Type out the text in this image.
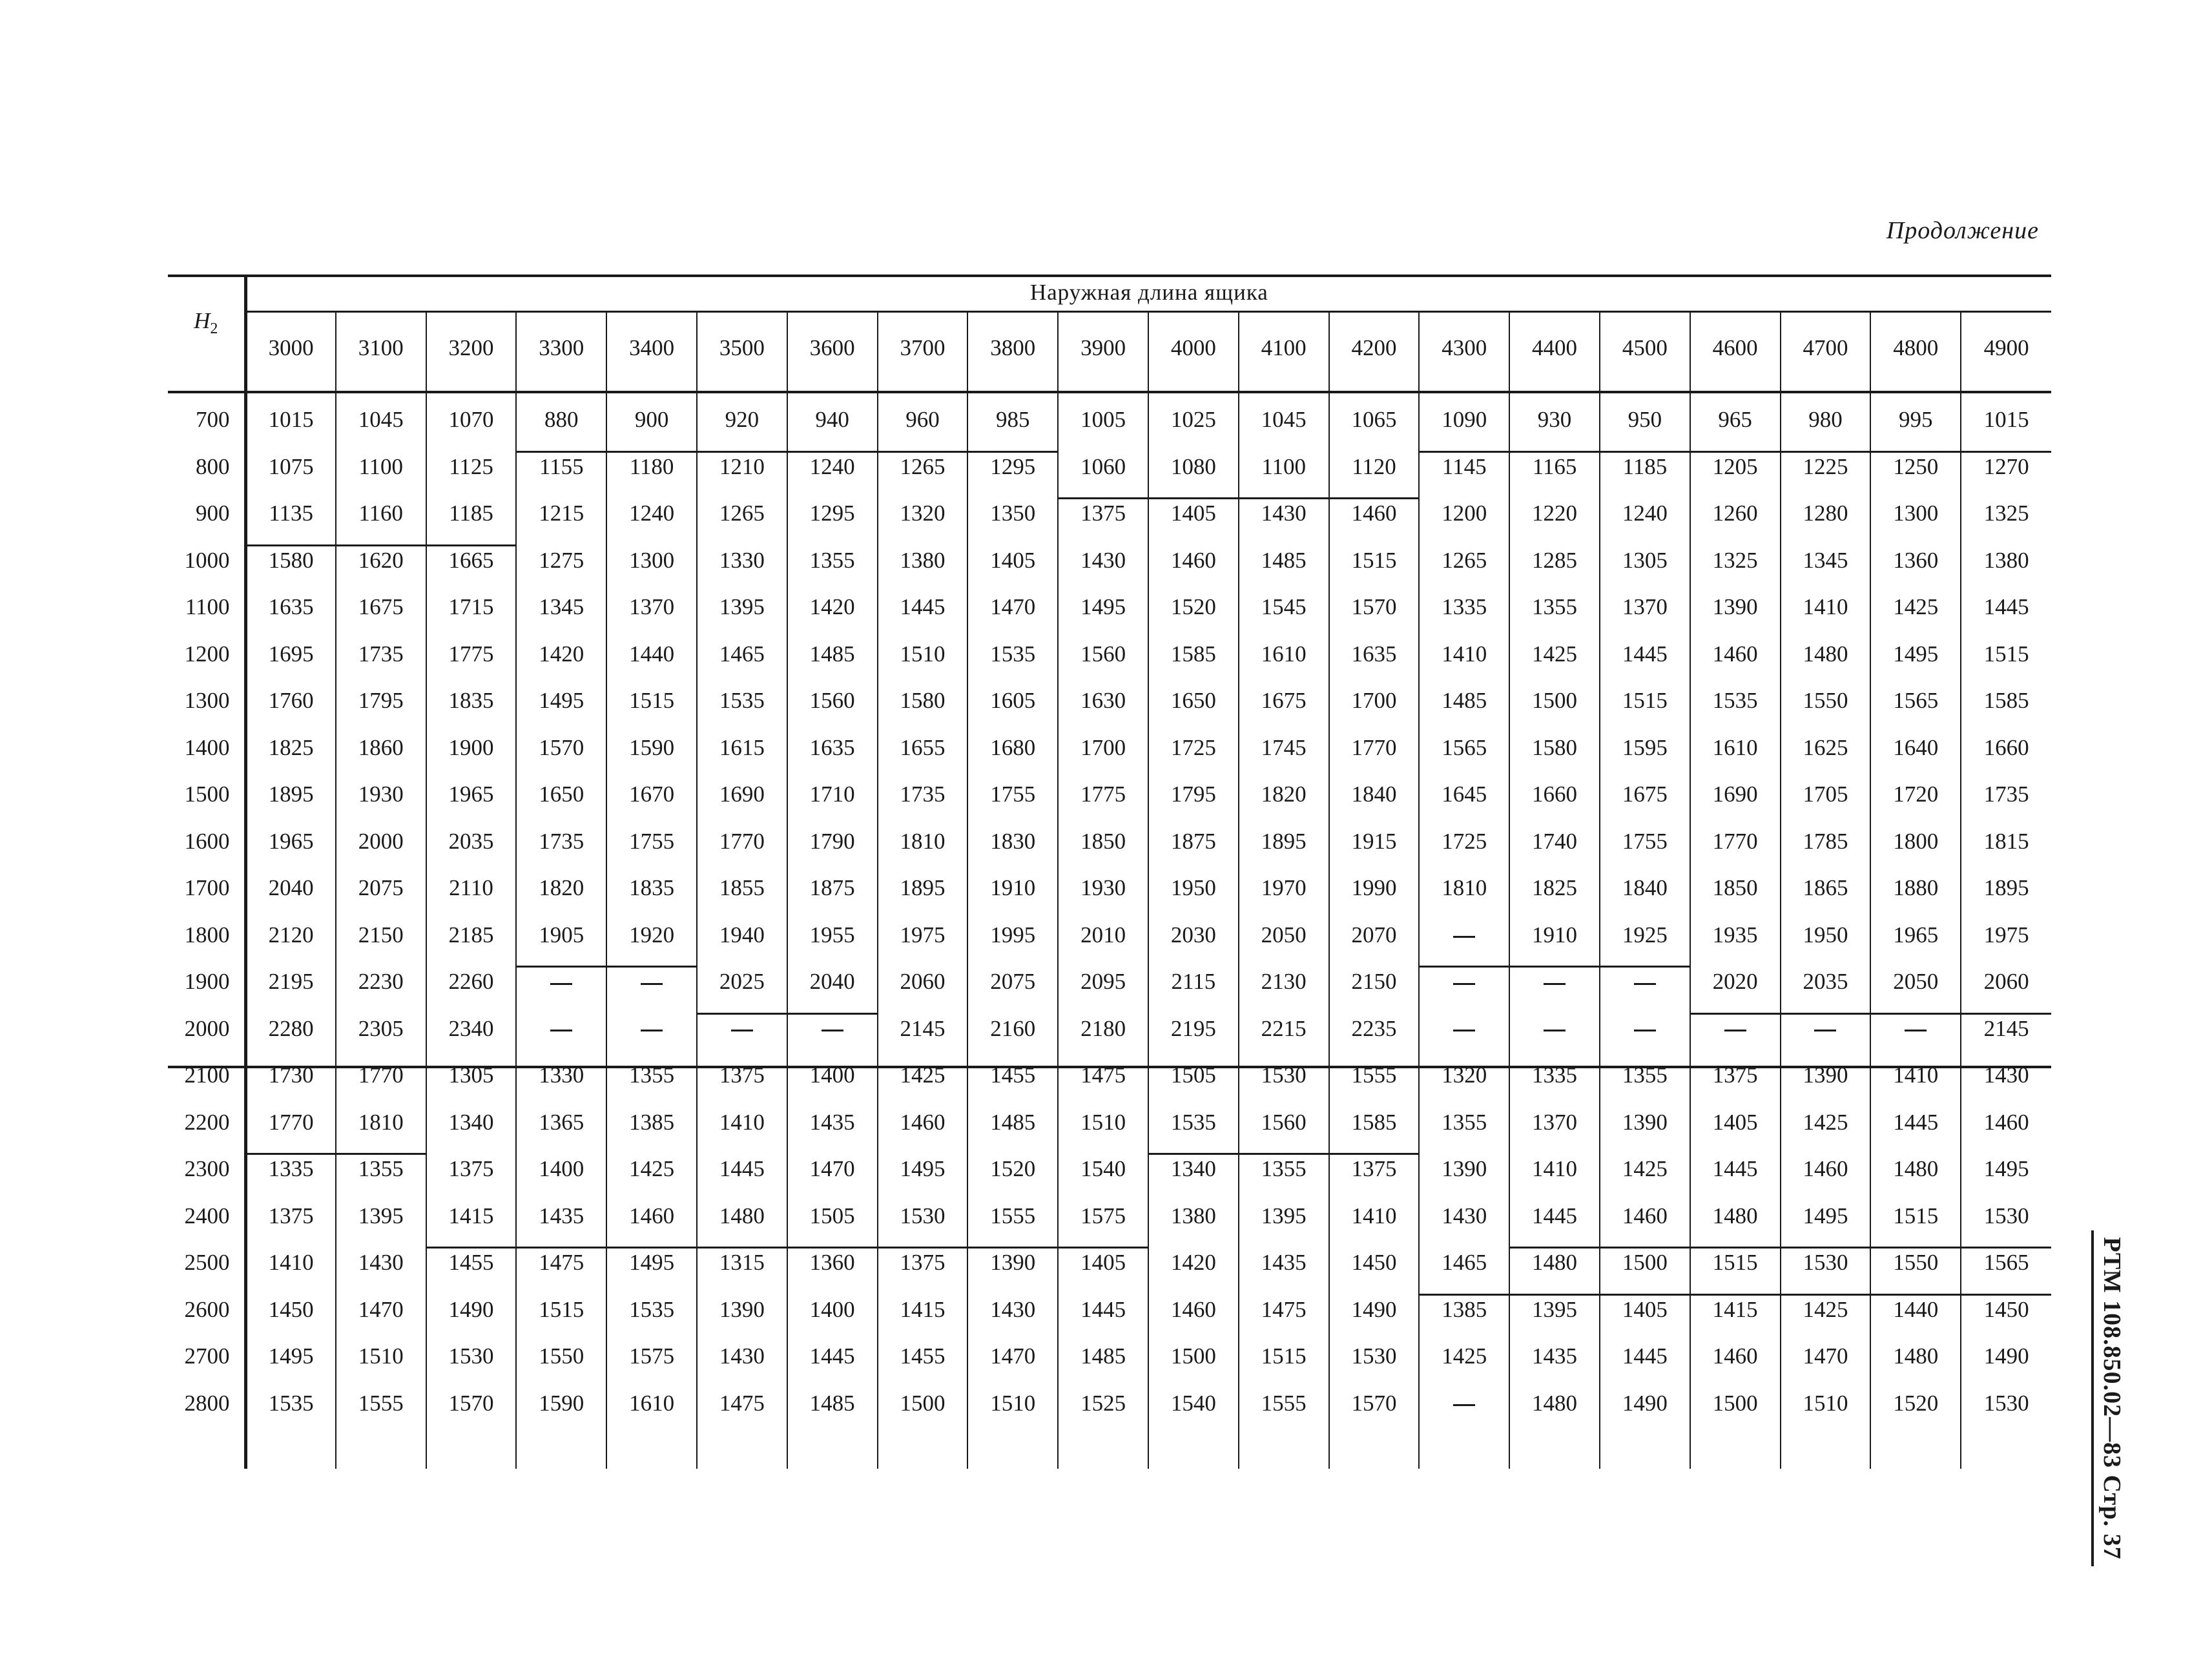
Продолжение
$H_2$	Наружная длина ящика																			
	3000	3100	3200	3300	3400	3500	3600	3700	3800	3900	4000	4100	4200	4300	4400	4500	4600	4700	4800	4900

700	1015	1045	1070	880	900	920	940	960	985	1005	1025	1045	1065	1090	930	950	965	980	995	1015
800	1075	1100	1125	1155	1180	1210	1240	1265	1295	1060	1080	1100	1120	1145	1165	1185	1205	1225	1250	1270
900	1135	1160	1185	1215	1240	1265	1295	1320	1350	1375	1405	1430	1460	1200	1220	1240	1260	1280	1300	1325
1000	1580	1620	1665	1275	1300	1330	1355	1380	1405	1430	1460	1485	1515	1265	1285	1305	1325	1345	1360	1380
1100	1635	1675	1715	1345	1370	1395	1420	1445	1470	1495	1520	1545	1570	1335	1355	1370	1390	1410	1425	1445
1200	1695	1735	1775	1420	1440	1465	1485	1510	1535	1560	1585	1610	1635	1410	1425	1445	1460	1480	1495	1515
1300	1760	1795	1835	1495	1515	1535	1560	1580	1605	1630	1650	1675	1700	1485	1500	1515	1535	1550	1565	1585
1400	1825	1860	1900	1570	1590	1615	1635	1655	1680	1700	1725	1745	1770	1565	1580	1595	1610	1625	1640	1660
1500	1895	1930	1965	1650	1670	1690	1710	1735	1755	1775	1795	1820	1840	1645	1660	1675	1690	1705	1720	1735
1600	1965	2000	2035	1735	1755	1770	1790	1810	1830	1850	1875	1895	1915	1725	1740	1755	1770	1785	1800	1815
1700	2040	2075	2110	1820	1835	1855	1875	1895	1910	1930	1950	1970	1990	1810	1825	1840	1850	1865	1880	1895
1800	2120	2150	2185	1905	1920	1940	1955	1975	1995	2010	2030	2050	2070		1910	1925	1935	1950	1965	1975
1900	2195	2230	2260			2025	2040	2060	2075	2095	2115	2130	2150				2020	2035	2050	2060
2000	2280	2305	2340					2145	2160	2180	2195	2215	2235							2145
2100	1730	1770	1305	1330	1355	1375	1400	1425	1455	1475	1505	1530	1555	1320	1335	1355	1375	1390	1410	1430
2200	1770	1810	1340	1365	1385	1410	1435	1460	1485	1510	1535	1560	1585	1355	1370	1390	1405	1425	1445	1460
2300	1335	1355	1375	1400	1425	1445	1470	1495	1520	1540	1340	1355	1375	1390	1410	1425	1445	1460	1480	1495
2400	1375	1395	1415	1435	1460	1480	1505	1530	1555	1575	1380	1395	1410	1430	1445	1460	1480	1495	1515	1530
2500	1410	1430	1455	1475	1495	1315	1360	1375	1390	1405	1420	1435	1450	1465	1480	1500	1515	1530	1550	1565
2600	1450	1470	1490	1515	1535	1390	1400	1415	1430	1445	1460	1475	1490	1385	1395	1405	1415	1425	1440	1450
2700	1495	1510	1530	1550	1575	1430	1445	1455	1470	1485	1500	1515	1530	1425	1435	1445	1460	1470	1480	1490
2800	1535	1555	1570	1590	1610	1475	1485	1500	1510	1525	1540	1555	1570		1480	1490	1500	1510	1520	1530
																					РТМ 108.850.02—83 Стр. 37
